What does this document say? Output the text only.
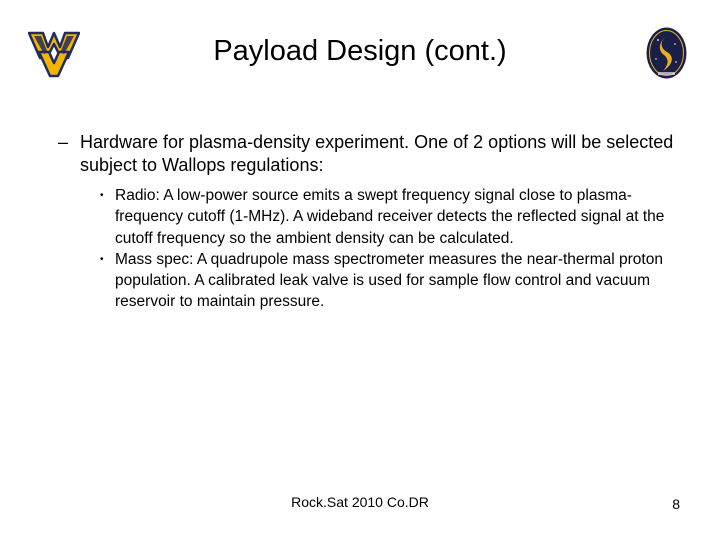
Payload Design (cont.)

– Hardware for plasma-density experiment. One of 2 options will be selected subject to Wallops regulations:

• Radio: A low-power source emits a swept frequency signal close to plasma-frequency cutoff (1-MHz). A wideband receiver detects the reflected signal at the cutoff frequency so the ambient density can be calculated.
• Mass spec: A quadrupole mass spectrometer measures the near-thermal proton population. A calibrated leak valve is used for sample flow control and vacuum reservoir to maintain pressure.
Rock.Sat 2010 Co.DR	8
